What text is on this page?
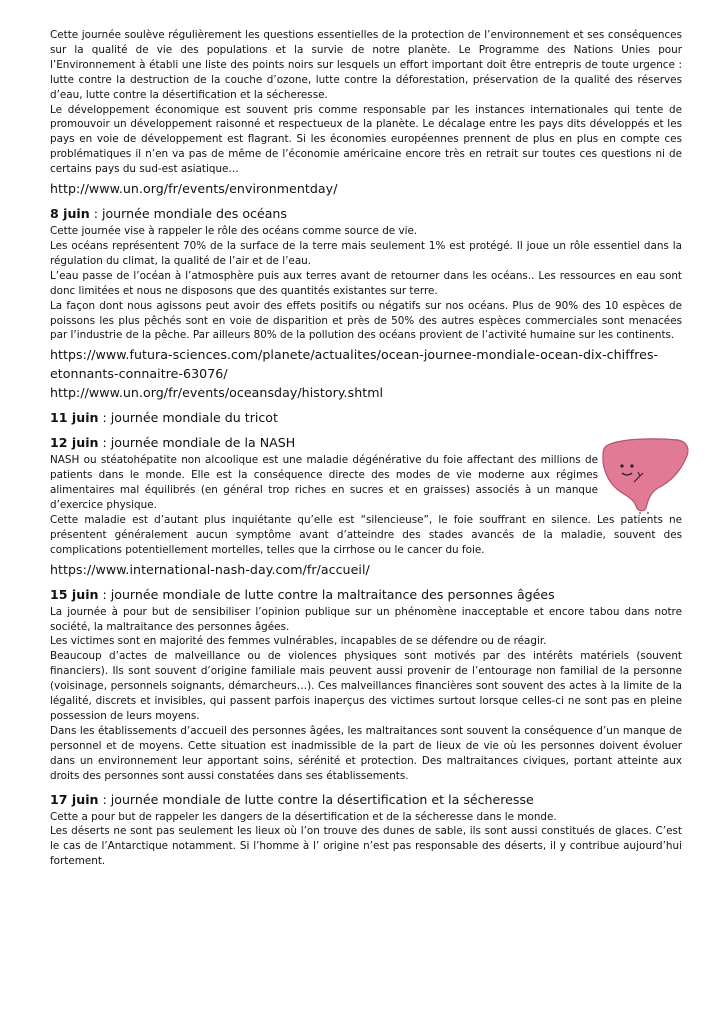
Cette journée soulève régulièrement les questions essentielles de la protection de l’environnement et ses conséquences sur la qualité de vie des populations et la survie de notre planète. Le Programme des Nations Unies pour l’Environnement à établi une liste des points noirs sur lesquels un effort important doit être entrepris de toute urgence : lutte contre la destruction de la couche d’ozone, lutte contre la déforestation, préservation de la qualité des réserves d’eau, lutte contre la désertification et la sécheresse.

Le développement économique est souvent pris comme responsable par les instances internationales qui tente de promouvoir un développement raisonné et respectueux de la planète. Le décalage entre les pays dits développés et les pays en voie de développement est flagrant. Si les économies européennes prennent de plus en plus en compte ces problématiques il n’en va pas de même de l’économie américaine encore très en retrait sur toutes ces questions ni de certains pays du sud-est asiatique…

http://www.un.org/fr/events/environmentday/

8 juin : journée mondiale des océans

Cette journée vise à rappeler le rôle des océans comme source de vie.

Les océans représentent 70% de la surface de la terre mais seulement 1% est protégé. Il joue un rôle essentiel dans la régulation du climat, la qualité de l’air et de l’eau.

L’eau passe de l’océan à l’atmosphère puis aux terres avant de retourner dans les océans.. Les ressources en eau sont donc limitées et nous ne disposons que des quantités existantes sur terre.

La façon dont nous agissons peut avoir des effets positifs ou négatifs sur nos océans. Plus de 90% des 10 espèces de poissons les plus pêchés sont en voie de disparition et près de 50% des autres espèces commerciales sont menacées par l’industrie de la pêche. Par ailleurs 80% de la pollution des océans provient de l’activité humaine sur les continents.

https://www.futura-sciences.com/planete/actualites/ocean-journee-mondiale-ocean-dix-chiffres-etonnants-connaitre-63076/

http://www.un.org/fr/events/oceansday/history.shtml

11 juin : journée mondiale du tricot
12 juin : journée mondiale de la NASH

NASH ou stéatohépatite non alcoolique est une maladie dégénérative du foie affectant des millions de patients dans le monde. Elle est la conséquence directe des modes de vie moderne aux régimes alimentaires mal équilibrés (en général trop riches en sucres et en graisses) associés à un manque d’exercice physique.

Cette maladie est d’autant plus inquiétante qu’elle est “silencieuse”, le foie souffrant en silence. Les patients ne présentent généralement aucun symptôme avant d’atteindre des stades avancés de la maladie, souvent des complications potentiellement mortelles, telles que la cirrhose ou le cancer du foie.

https://www.international-nash-day.com/fr/accueil/

15 juin : journée mondiale de lutte contre la maltraitance des personnes âgées

La journée à pour but de sensibiliser l’opinion publique sur un phénomène inacceptable et encore tabou dans notre société, la maltraitance des personnes âgées.

Les victimes sont en majorité des femmes vulnérables, incapables de se défendre ou de réagir.

Beaucoup d’actes de malveillance ou de violences physiques sont motivés par des intérêts matériels (souvent financiers). Ils sont souvent d’origine familiale mais peuvent aussi provenir de l’entourage non familial de la personne (voisinage, personnels soignants, démarcheurs…). Ces malveillances financières sont souvent des actes à la limite de la légalité, discrets et invisibles, qui passent parfois inaperçus des victimes surtout lorsque celles-ci ne sont pas en pleine possession de leurs moyens.

Dans les établissements d’accueil des personnes âgées, les maltraitances sont souvent la conséquence d’un manque de personnel et de moyens. Cette situation est inadmissible de la part de lieux de vie où les personnes doivent évoluer dans un environnement leur apportant soins, sérénité et protection. Des maltraitances civiques, portant atteinte aux droits des personnes sont aussi constatées dans ses établissements.

17 juin : journée mondiale de lutte contre la désertification et la sécheresse

Cette a pour but de rappeler les dangers de la désertification et de la sécheresse dans le monde.

Les déserts ne sont pas seulement les lieux où l’on trouve des dunes de sable, ils sont aussi constitués de glaces. C’est le cas de l’Antarctique notamment. Si l’homme à l’ origine n’est pas responsable des déserts, il y contribue aujourd’hui fortement.
